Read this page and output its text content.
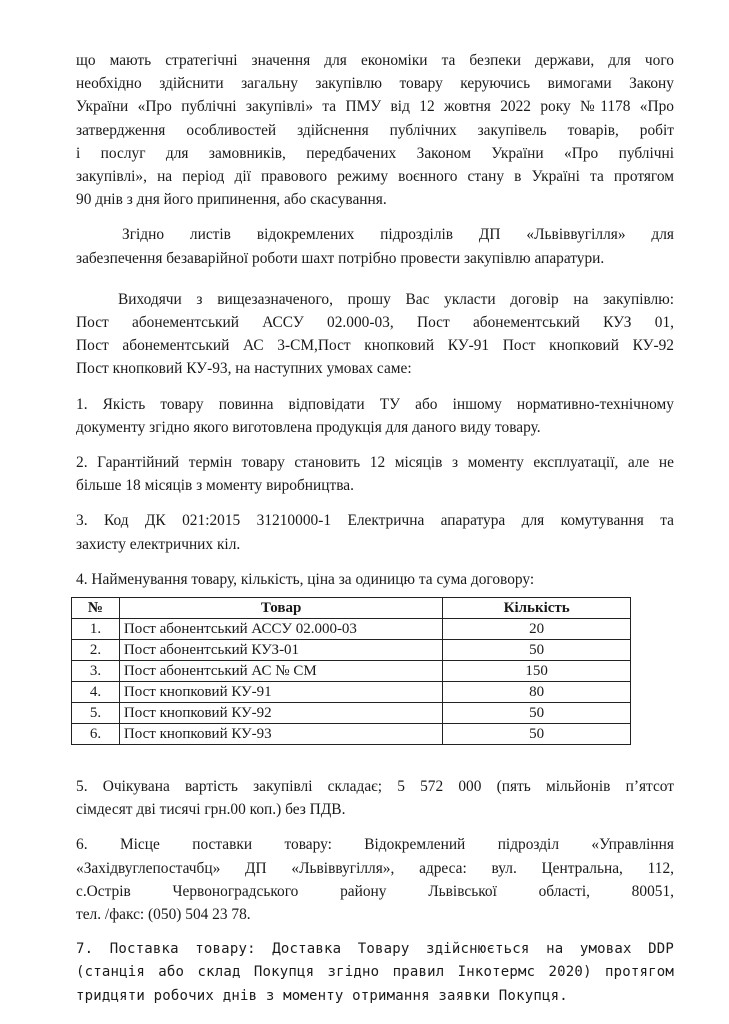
що мають стратегічні значення для економіки та безпеки держави, для чого
необхідно здійснити загальну закупівлю товару керуючись вимогами Закону
України «Про публічні закупівлі» та ПМУ від 12 жовтня 2022 року №1178 «Про
затвердження особливостей здійснення публічних закупівель товарів, робіт
і послуг для замовників, передбачених Законом України «Про публічні
закупівлі», на період дії правового режиму воєнного стану в Україні та протягом
90 днів з дня його припинення, або скасування.

Згідно листів відокремлених підрозділів ДП «Львіввугілля» для
забезпечення безаварійної роботи шахт потрібно провести закупівлю апаратури.

Виходячи з вищезазначеного, прошу Вас укласти договір на закупівлю:
Пост абонементський АССУ 02.000-03, Пост абонементський КУЗ 01,
Пост абонементський АС 3-СМ,Пост кнопковий КУ-91 Пост кнопковий КУ-92
Пост кнопковий КУ-93, на наступних умовах саме:

1. Якість товару повинна відповідати ТУ або іншому нормативно-технічному
документу згідно якого виготовлена продукція для даного виду товару.

2. Гарантійний термін товару становить 12 місяців з моменту експлуатації, але не
більше 18 місяців з моменту виробництва.

3. Код ДК 021:2015 31210000-1 Електрична апаратура для комутування та
захисту електричних кіл.

4. Найменування товару, кількість, ціна за одиницю та сума договору:

№	Товар	Кількість
1.	Пост абонентський АССУ 02.000-03	20
2.	Пост абонентський КУЗ-01	50
3.	Пост абонентський АС № СМ	150
4.	Пост кнопковий КУ-91	80
5.	Пост кнопковий КУ-92	50
6.	Пост кнопковий КУ-93	50

5. Очікувана вартість закупівлі складає; 5 572 000 (пять мільйонів п’ятсот
сімдесят дві тисячі грн.00 коп.) без ПДВ.

6. Місце поставки товару: Відокремлений підрозділ «Управління
«Західвуглепостачбц» ДП «Львіввугілля», адреса: вул. Центральна, 112,
с.Острів Червоноградського району Львівської області, 80051,
тел. /факс: (050) 504 23 78.

7. Поставка товару: Доставка Товару здійснюється на умовах DDP
(станція або склад Покупця згідно правил Інкотермс 2020) протягом
тридцяти робочих днів з моменту отримання заявки Покупця.
